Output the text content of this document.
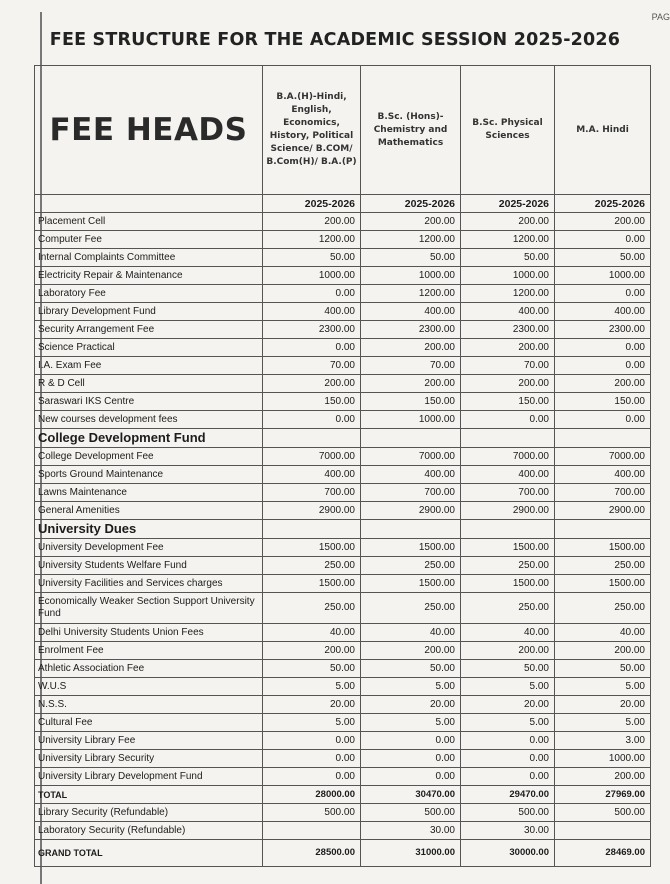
PAG
FEE STRUCTURE FOR THE ACADEMIC SESSION 2025-2026
FEE HEADS	B.A.(H)-Hindi, English, Economics, History, Political Science/ B.COM/ B.Com(H)/ B.A.(P)	B.Sc. (Hons)- Chemistry and Mathematics	B.Sc. Physical Sciences	M.A. Hindi
	2025-2026	2025-2026	2025-2026	2025-2026
Placement Cell	200.00	200.00	200.00	200.00
Computer Fee	1200.00	1200.00	1200.00	0.00
Internal Complaints Committee	50.00	50.00	50.00	50.00
Electricity Repair & Maintenance	1000.00	1000.00	1000.00	1000.00
Laboratory Fee	0.00	1200.00	1200.00	0.00
Library Development Fund	400.00	400.00	400.00	400.00
Security Arrangement Fee	2300.00	2300.00	2300.00	2300.00
Science Practical	0.00	200.00	200.00	0.00
I.A. Exam Fee	70.00	70.00	70.00	0.00
R & D Cell	200.00	200.00	200.00	200.00
Saraswari IKS Centre	150.00	150.00	150.00	150.00
New courses development fees	0.00	1000.00	0.00	0.00
College Development Fund				
College Development Fee	7000.00	7000.00	7000.00	7000.00
Sports Ground Maintenance	400.00	400.00	400.00	400.00
Lawns Maintenance	700.00	700.00	700.00	700.00
General Amenities	2900.00	2900.00	2900.00	2900.00
University Dues				
University Development Fee	1500.00	1500.00	1500.00	1500.00
University Students Welfare Fund	250.00	250.00	250.00	250.00
University Facilities and Services charges	1500.00	1500.00	1500.00	1500.00
Economically Weaker Section Support University Fund	250.00	250.00	250.00	250.00
Delhi University Students Union Fees	40.00	40.00	40.00	40.00
Enrolment Fee	200.00	200.00	200.00	200.00
Athletic Association Fee	50.00	50.00	50.00	50.00
W.U.S	5.00	5.00	5.00	5.00
N.S.S.	20.00	20.00	20.00	20.00
Cultural Fee	5.00	5.00	5.00	5.00
University Library Fee	0.00	0.00	0.00	3.00
University Library Security	0.00	0.00	0.00	1000.00
University Library Development Fund	0.00	0.00	0.00	200.00
TOTAL	28000.00	30470.00	29470.00	27969.00
Library Security (Refundable)	500.00	500.00	500.00	500.00
Laboratory Security (Refundable)		30.00	30.00	
GRAND TOTAL	28500.00	31000.00	30000.00	28469.00
